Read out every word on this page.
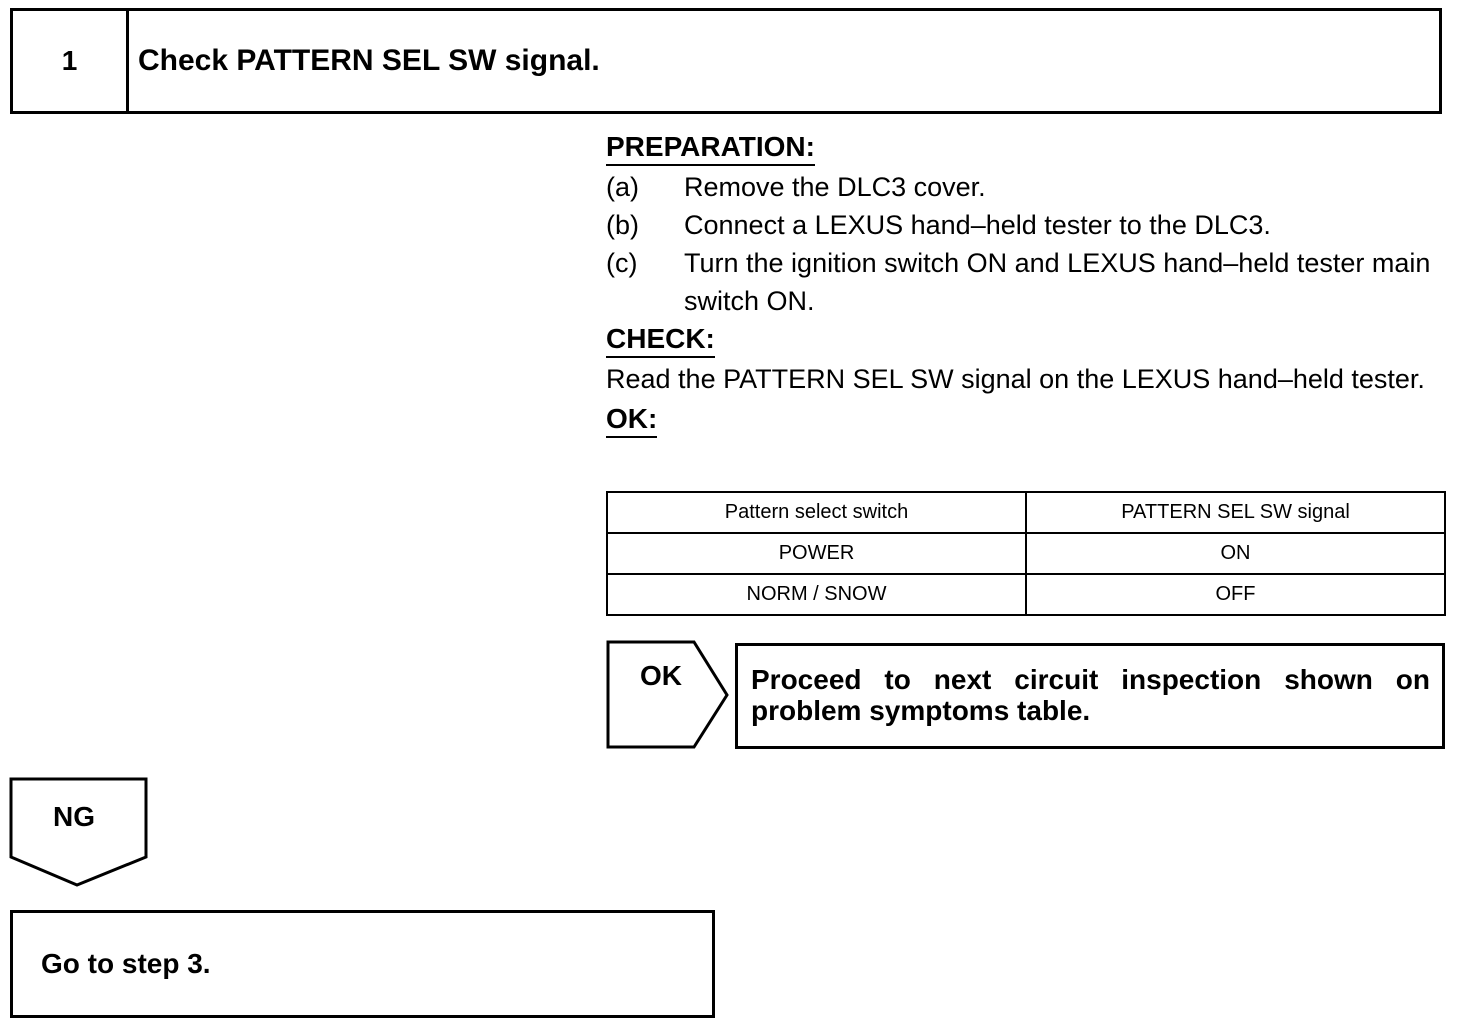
1	Check PATTERN SEL SW signal.
PREPARATION:
(a)	Remove the DLC3 cover.
(b)	Connect a LEXUS hand–held tester to the DLC3.
(c)	Turn the ignition switch ON and LEXUS hand–held tester main switch ON.
CHECK:

Read the PATTERN SEL SW signal on the LEXUS hand–held tester.

OK:
Pattern select switch	PATTERN SEL SW signal
POWER	ON
NORM / SNOW	OFF
OK	Proceed to next circuit inspection shown on problem symptoms table.
NG
Go to step 3.
